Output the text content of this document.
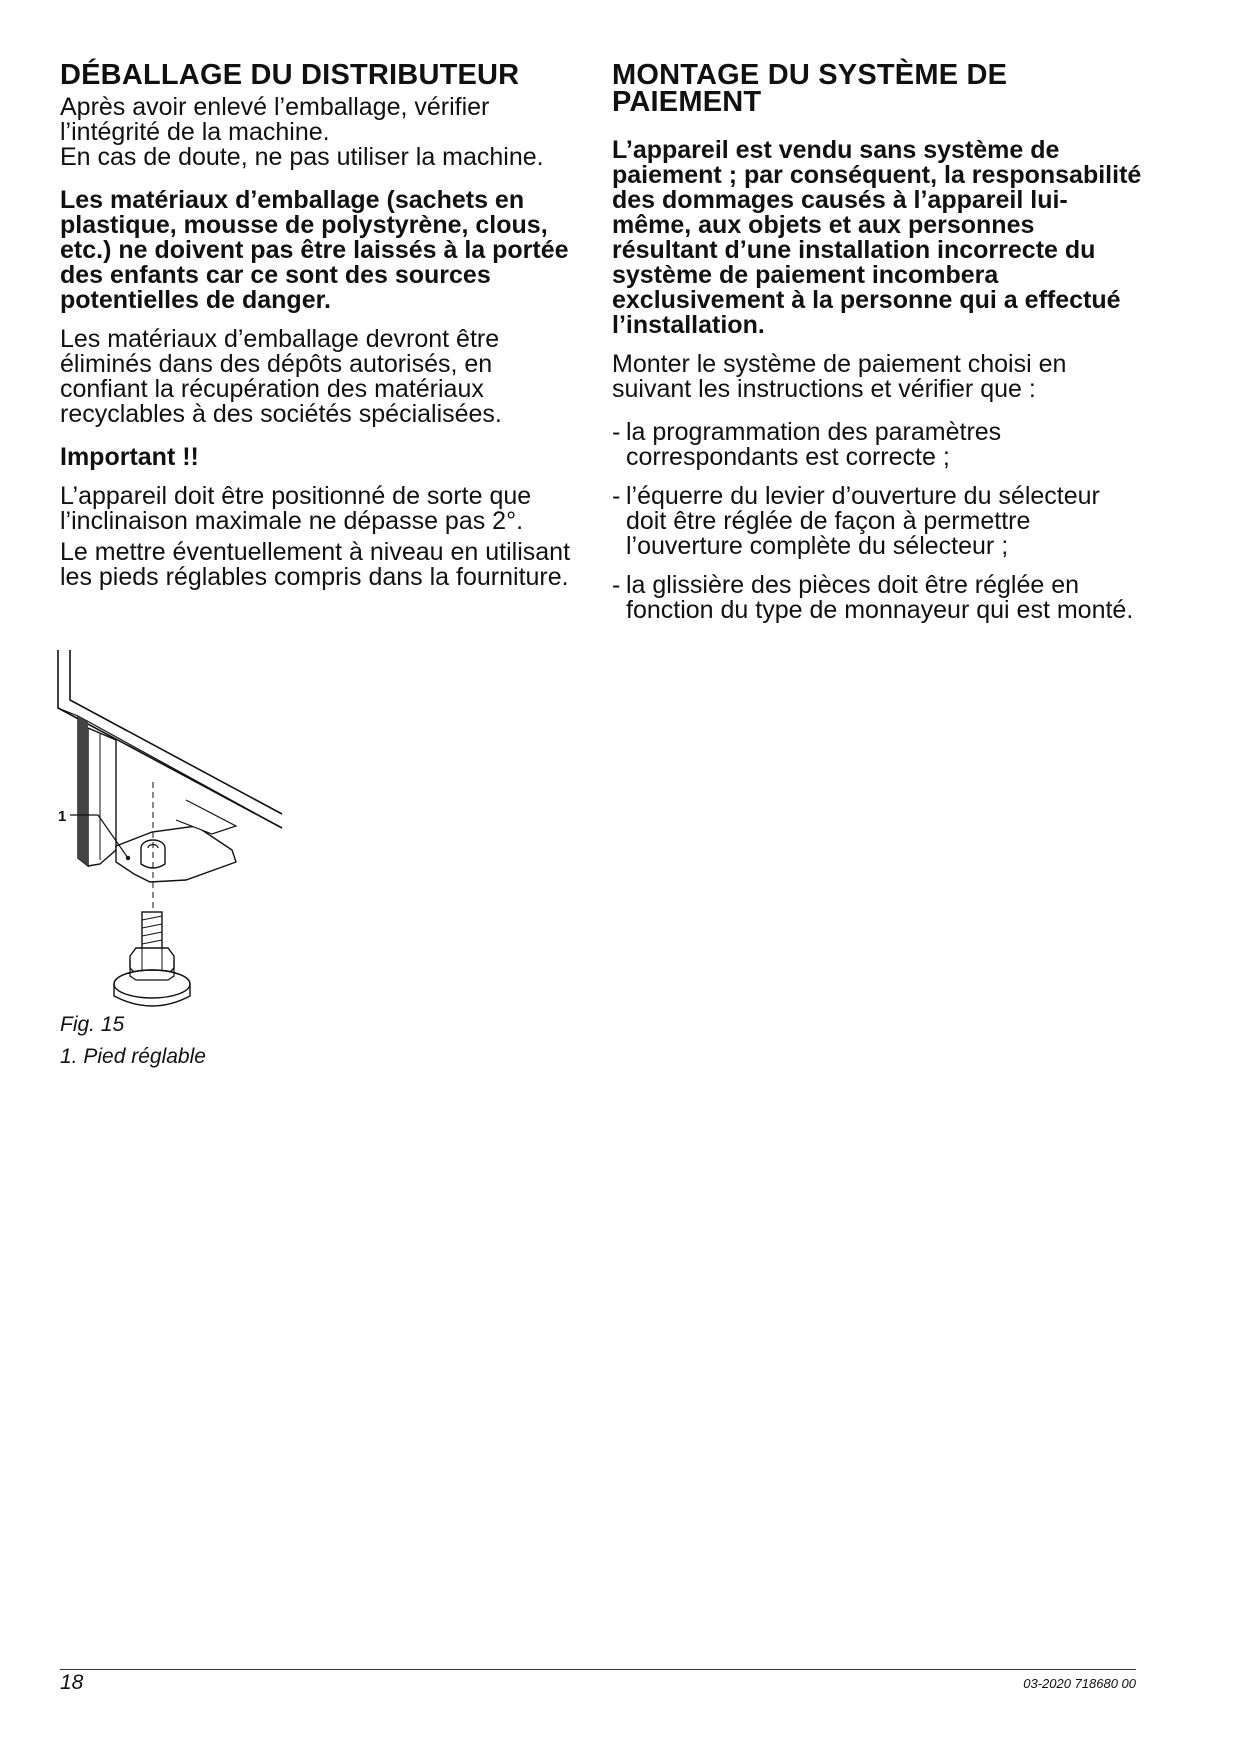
DÉBALLAGE DU DISTRIBUTEUR

Après avoir enlevé l’emballage, vérifier l’intégrité de la machine.

En cas de doute, ne pas utiliser la machine.

Les matériaux d’emballage (sachets en plastique, mousse de polystyrène, clous, etc.) ne doivent pas être laissés à la portée des enfants car ce sont des sources potentielles de danger.

Les matériaux d’emballage devront être éliminés dans des dépôts autorisés, en confiant la récupération des matériaux recyclables à des sociétés spécialisées.

Important !!

L’appareil doit être positionné de sorte que l’inclinaison maximale ne dépasse pas 2°.

Le mettre éventuellement à niveau en utilisant les pieds réglables compris dans la fourniture.

MONTAGE DU SYSTÈME DE PAIEMENT

L’appareil est vendu sans système de paiement ; par conséquent, la responsabilité des dommages causés à l’appareil lui-même, aux objets et aux personnes résultant d’une installation incorrecte du système de paiement incombera exclusivement à la personne qui a effectué l’installation.

Monter le système de paiement choisi en suivant les instructions et vérifier que :

- la programmation des paramètres correspondants est correcte ;
- l’équerre du levier d’ouverture du sélecteur doit être réglée de façon à permettre l’ouverture complète du sélecteur ;
- la glissière des pièces doit être réglée en fonction du type de monnayeur qui est monté.
1
Fig. 15
1. Pied réglable
18	03-2020 718680 00
